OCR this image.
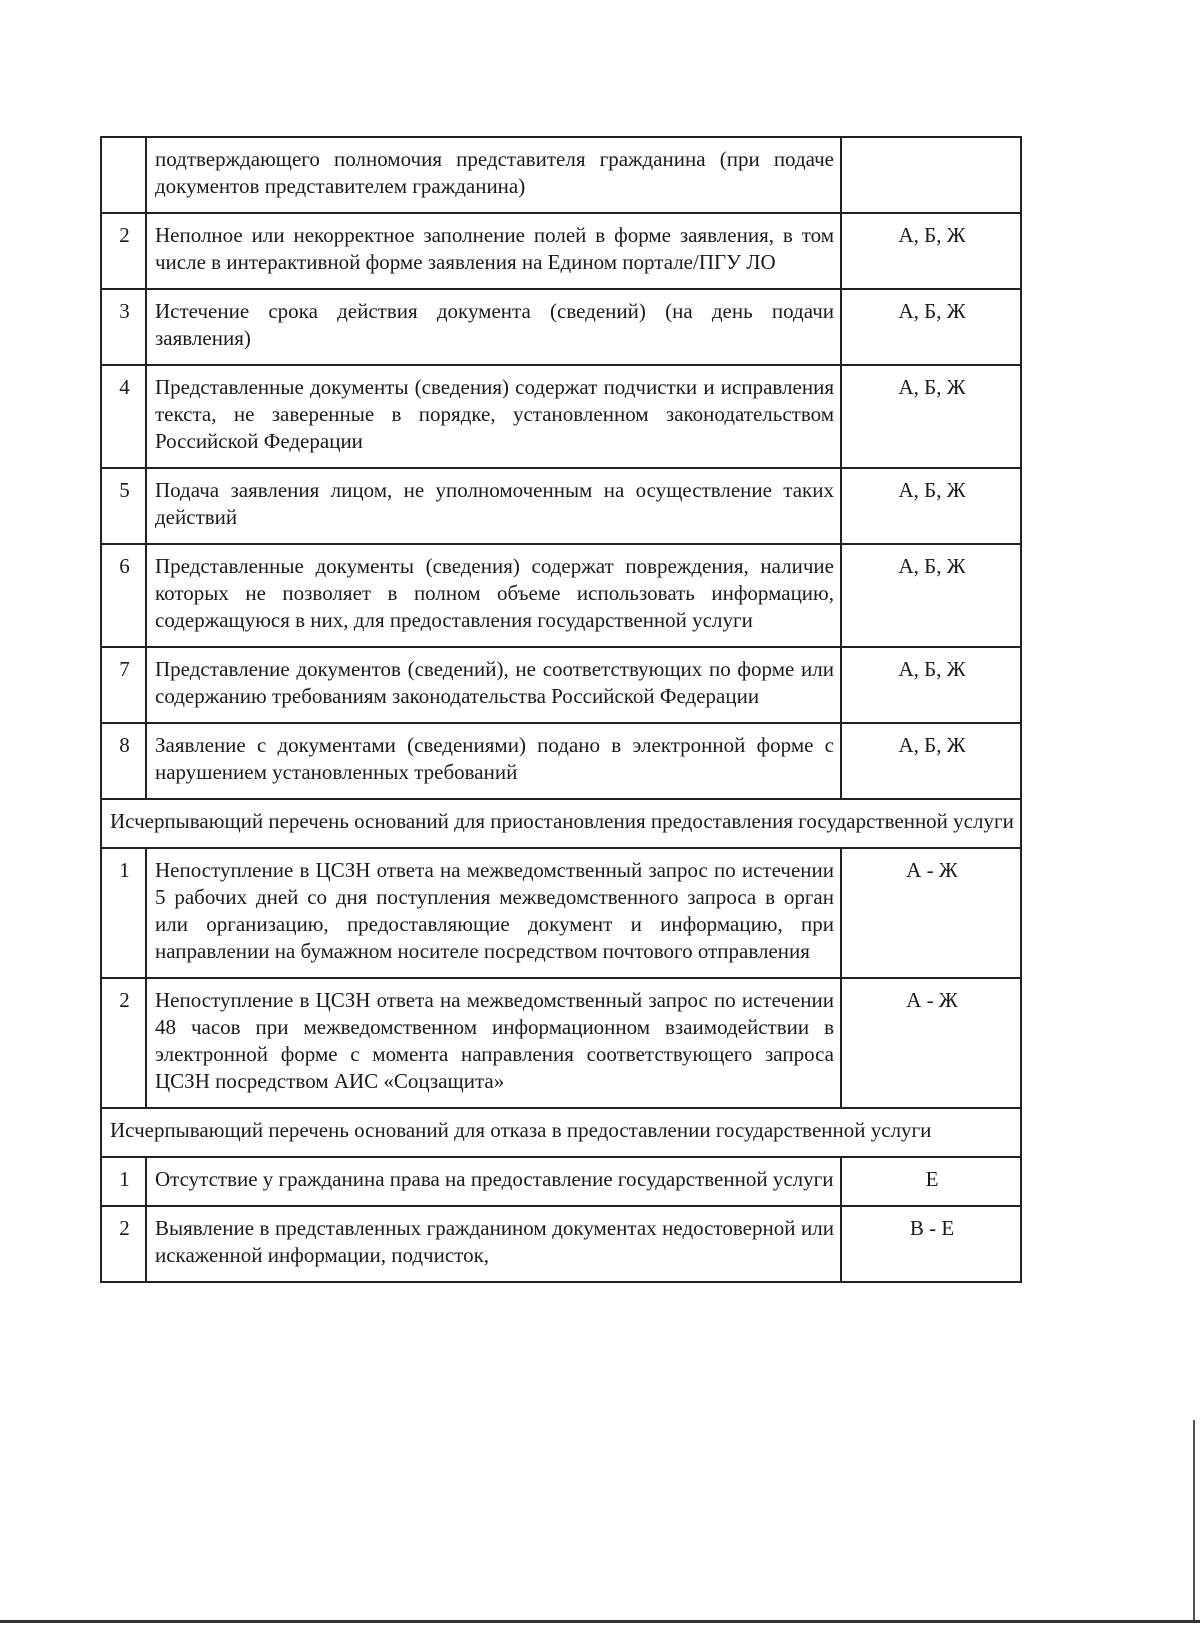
	подтверждающего полномочия представителя гражданина (при подаче документов представителем гражданина)	
2	Неполное или некорректное заполнение полей в форме заявления, в том числе в интерактивной форме заявления на Едином портале/ПГУ ЛО	А, Б, Ж
3	Истечение срока действия документа (сведений) (на день подачи заявления)	А, Б, Ж
4	Представленные документы (сведения) содержат подчистки и исправления текста, не заверенные в порядке, установленном законодательством Российской Федерации	А, Б, Ж
5	Подача заявления лицом, не уполномоченным на осуществление таких действий	А, Б, Ж
6	Представленные документы (сведения) содержат повреждения, наличие которых не позволяет в полном объеме использовать информацию, содержащуюся в них, для предоставления государственной услуги	А, Б, Ж
7	Представление документов (сведений), не соответствующих по форме или содержанию требованиям законодательства Российской Федерации	А, Б, Ж
8	Заявление с документами (сведениями) подано в электронной форме с нарушением установленных требований	А, Б, Ж
Исчерпывающий перечень оснований для приостановления предоставления государственной услуги		
1	Непоступление в ЦСЗН ответа на межведомственный запрос по истечении 5 рабочих дней со дня поступления межведомственного запроса в орган или организацию, предоставляющие документ и информацию, при направлении на бумажном носителе посредством почтового отправления	А - Ж
2	Непоступление в ЦСЗН ответа на межведомственный запрос по истечении 48 часов при межведомственном информационном взаимодействии в электронной форме с момента направления соответствующего запроса ЦСЗН посредством АИС «Соцзащита»	А - Ж
Исчерпывающий перечень оснований для отказа в предоставлении государственной услуги		
1	Отсутствие у гражданина права на предоставление государственной услуги	Е
2	Выявление в представленных гражданином документах недостоверной или искаженной информации, подчисток,	В - Е
